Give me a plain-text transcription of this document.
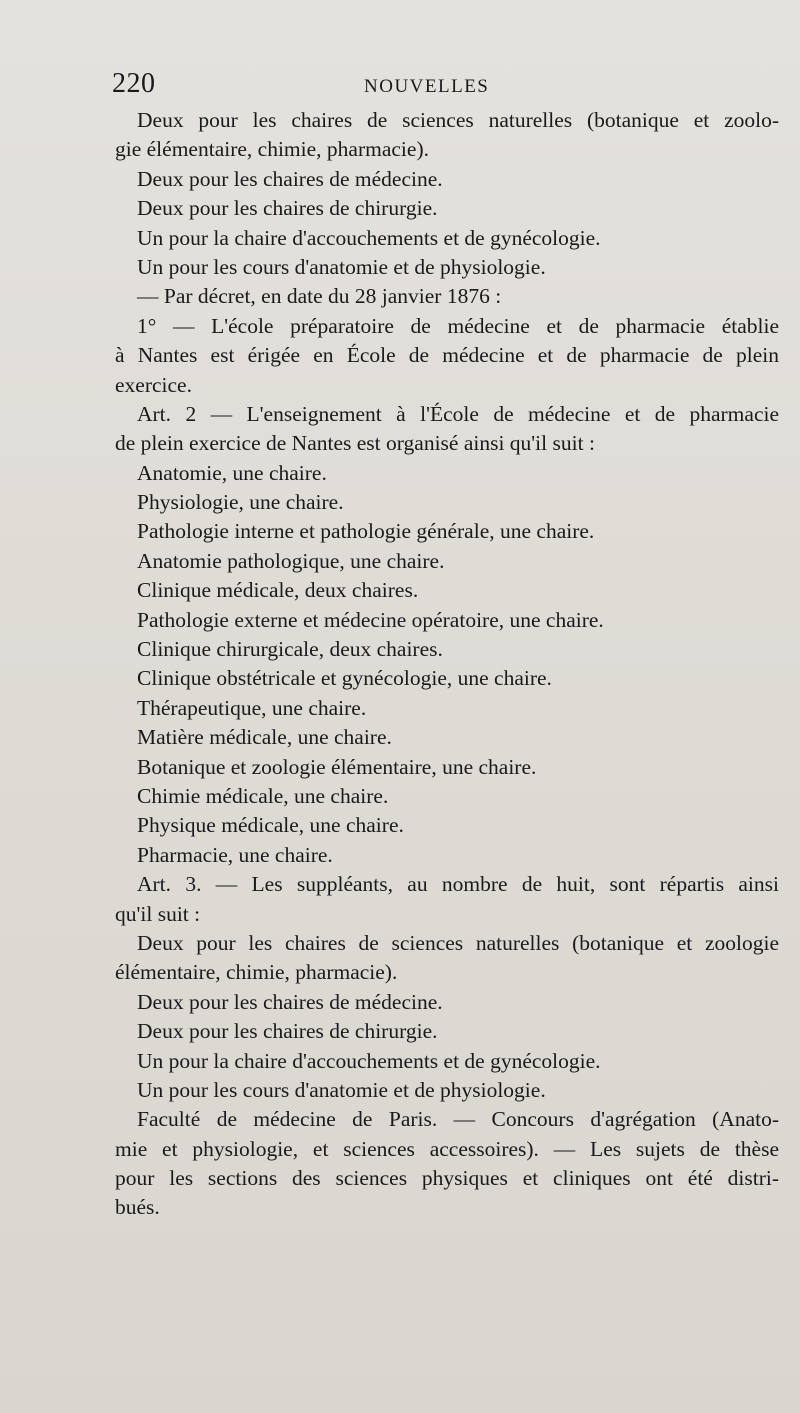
220	NOUVELLES
Deux pour les chaires de sciences naturelles (botanique et zoolo-
gie élémentaire, chimie, pharmacie).
Deux pour les chaires de médecine.
Deux pour les chaires de chirurgie.
Un pour la chaire d'accouchements et de gynécologie.
Un pour les cours d'anatomie et de physiologie.
— Par décret, en date du 28 janvier 1876 :
1° — L'école préparatoire de médecine et de pharmacie établie
à Nantes est érigée en École de médecine et de pharmacie de plein
exercice.
Art. 2 — L'enseignement à l'École de médecine et de pharmacie
de plein exercice de Nantes est organisé ainsi qu'il suit :
Anatomie, une chaire.
Physiologie, une chaire.
Pathologie interne et pathologie générale, une chaire.
Anatomie pathologique, une chaire.
Clinique médicale, deux chaires.
Pathologie externe et médecine opératoire, une chaire.
Clinique chirurgicale, deux chaires.
Clinique obstétricale et gynécologie, une chaire.
Thérapeutique, une chaire.
Matière médicale, une chaire.
Botanique et zoologie élémentaire, une chaire.
Chimie médicale, une chaire.
Physique médicale, une chaire.
Pharmacie, une chaire.
Art. 3. — Les suppléants, au nombre de huit, sont répartis ainsi
qu'il suit :
Deux pour les chaires de sciences naturelles (botanique et zoologie
élémentaire, chimie, pharmacie).
Deux pour les chaires de médecine.
Deux pour les chaires de chirurgie.
Un pour la chaire d'accouchements et de gynécologie.
Un pour les cours d'anatomie et de physiologie.
Faculté de médecine de Paris. — Concours d'agrégation (Anato-
mie et physiologie, et sciences accessoires). — Les sujets de thèse
pour les sections des sciences physiques et cliniques ont été distri-
bués.
